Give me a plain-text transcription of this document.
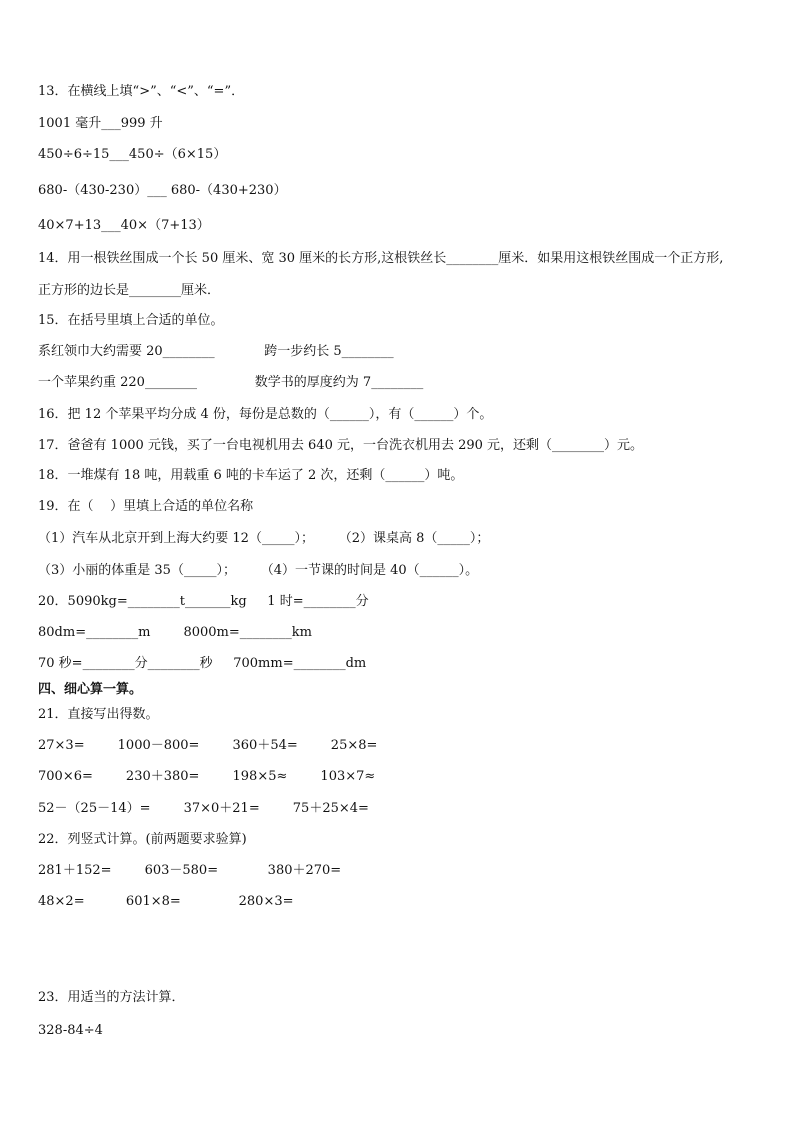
13．在横线上填“>”、“<”、“=”．
1001 毫升___999 升
450÷6÷15___450÷（6×15）
680-（430-230）___ 680-（430+230）
40×7+13___40×（7+13）
14．用一根铁丝围成一个长 50 厘米、宽 30 厘米的长方形,这根铁丝长________厘米．如果用这根铁丝围成一个正方形,
正方形的边长是________厘米．
15．在括号里填上合适的单位。
系红领巾大约需要 20________            跨一步约长 5________
一个苹果约重 220________              数学书的厚度约为 7________
16．把 12 个苹果平均分成 4 份，每份是总数的（______），有（______）个。
17．爸爸有 1000 元钱，买了一台电视机用去 640 元，一台洗衣机用去 290 元，还剩（________）元。
18．一堆煤有 18 吨，用载重 6 吨的卡车运了 2 次，还剩（______）吨。
19．在（    ）里填上合适的单位名称
（1）汽车从北京开到上海大约要 12（_____）；      （2）课桌高 8（_____）；
（3）小丽的体重是 35（_____）；      （4）一节课的时间是 40（______）。
20．5090kg=________t_______kg     1 时=________分
80dm=________m        8000m=________km
70 秒=________分________秒     700mm=________dm
四、细心算一算。
21．直接写出得数。
27×3=        1000－800=        360＋54=        25×8=
700×6=        230＋380=        198×5≈        103×7≈
52－（25－14）=        37×0＋21=        75＋25×4=
22．列竖式计算。(前两题要求验算)
281＋152=        603－580=            380＋270=
48×2=          601×8=              280×3=
23．用适当的方法计算．
328-84÷4
